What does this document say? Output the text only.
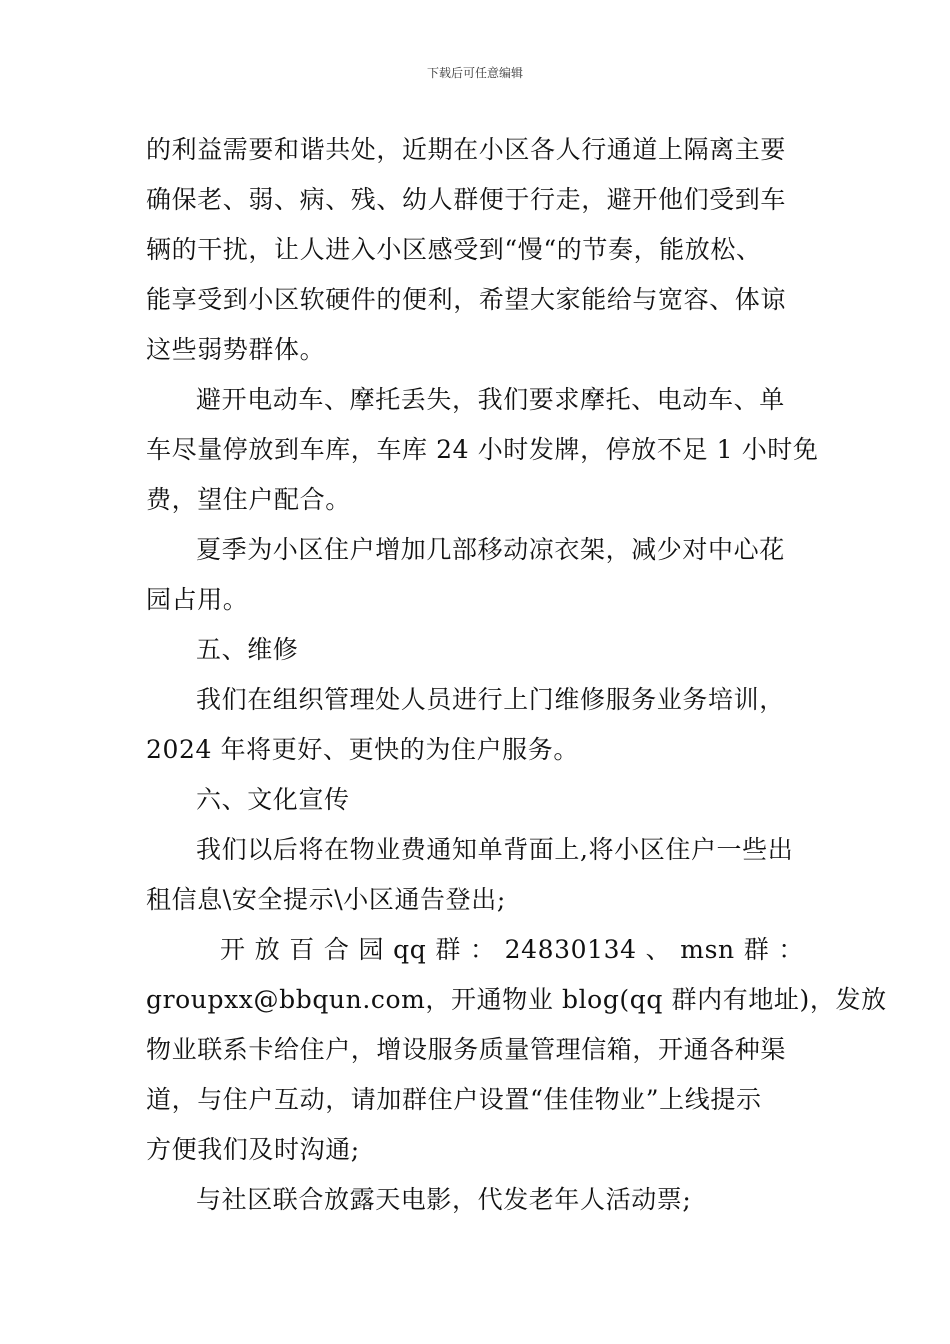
下载后可任意编辑
的利益需要和谐共处，近期在小区各人行通道上隔离主要
确保老、弱、病、残、幼人群便于行走，避开他们受到车
辆的干扰，让人进入小区感受到“慢“的节奏，能放松、
能享受到小区软硬件的便利，希望大家能给与宽容、体谅
这些弱势群体。
避开电动车、摩托丢失，我们要求摩托、电动车、单
车尽量停放到车库，车库 24 小时发牌，停放不足 1 小时免
费，望住户配合。
夏季为小区住户增加几部移动凉衣架，减少对中心花
园占用。
五、维修
我们在组织管理处人员进行上门维修服务业务培训，
2024 年将更好、更快的为住户服务。
六、文化宣传
我们以后将在物业费通知单背面上,将小区住户一些出
租信息\安全提示\小区通告登出;
开 放 百 合 园 qq 群 ： 24830134 、 msn 群 ：
groupxx@bbqun.com，开通物业 blog(qq 群内有地址)，发放
物业联系卡给住户，增设服务质量管理信箱，开通各种渠
道，与住户互动，请加群住户设置“佳佳物业”上线提示
方便我们及时沟通;
与社区联合放露天电影，代发老年人活动票;
